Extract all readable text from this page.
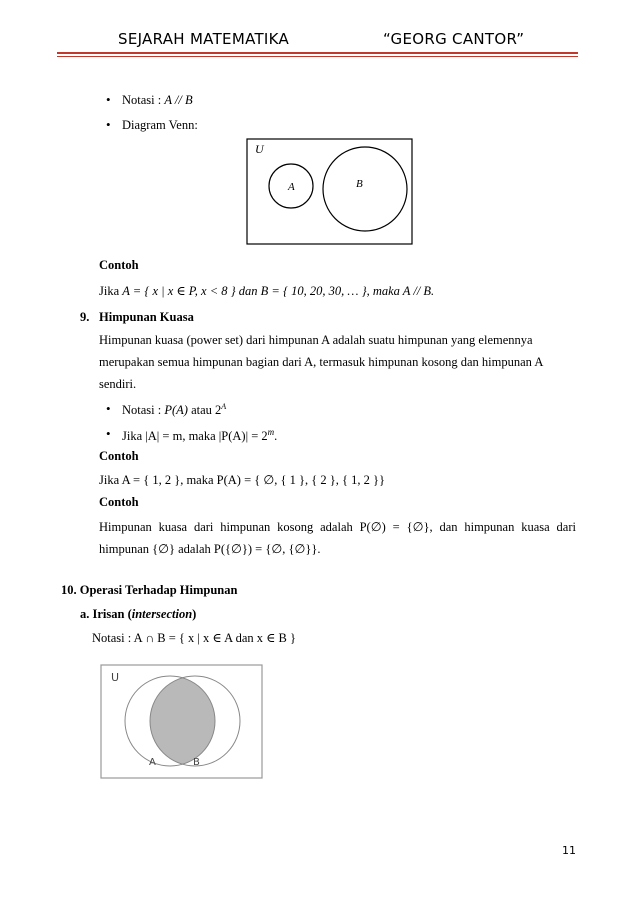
SEJARAH MATEMATIKA	“GEORG CANTOR”
• Notasi : A // B
• Diagram Venn:
U
A	B
Contoh
Jika A = { x | x ∈ P, x < 8 } dan B = { 10, 20, 30, … }, maka A // B.
9. Himpunan Kuasa
Himpunan kuasa (power set) dari himpunan A adalah suatu himpunan yang elemennya
merupakan semua himpunan bagian dari A, termasuk himpunan kosong dan himpunan A
sendiri.
• Notasi : P(A) atau $2^A$
• Jika |A| = m, maka $|P(A)| = 2^m$.
Contoh
Jika A = { 1, 2 }, maka P(A) = { ∅, { 1 }, { 2 }, { 1, 2 }}
Contoh
Himpunan kuasa dari himpunan kosong adalah P(∅) = {∅}, dan himpunan kuasa dari
himpunan {∅} adalah P({∅}) = {∅, {∅}}.
10. Operasi Terhadap Himpunan
a. Irisan (intersection)
Notasi : A ∩ B = { x | x ∈ A dan x ∈ B }
U
A	B
11
